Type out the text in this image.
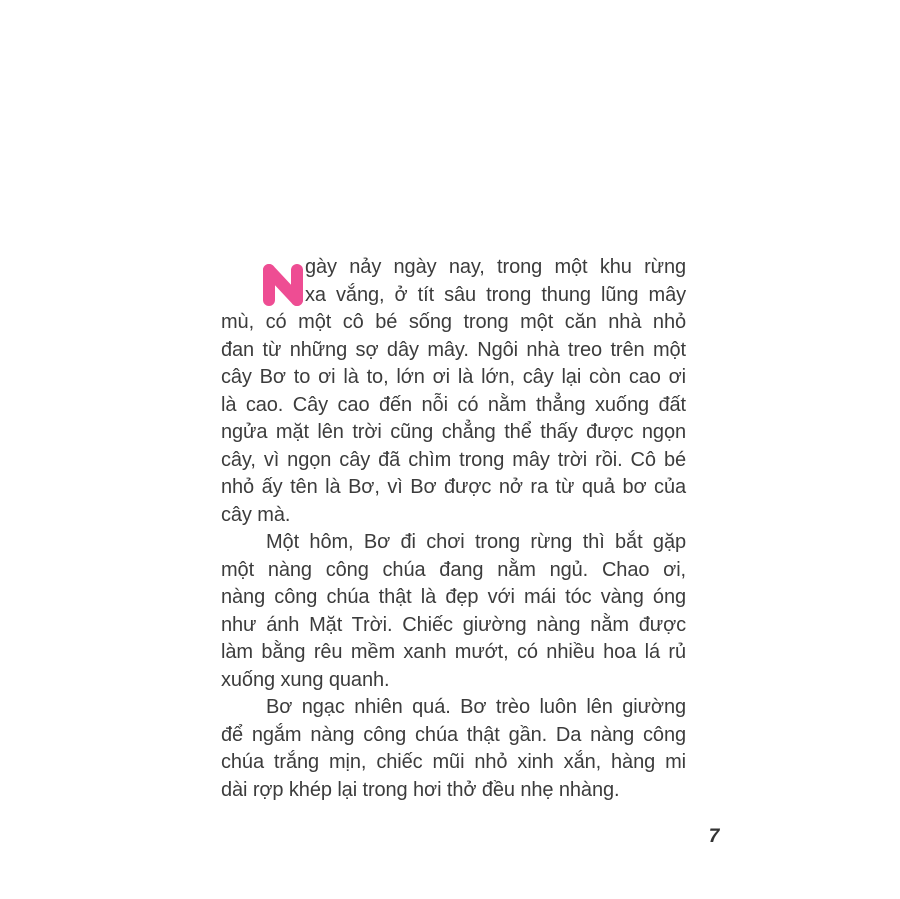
gày nảy ngày nay, trong một khu rừng
xa vắng, ở tít sâu trong thung lũng mây
mù, có một cô bé sống trong một căn nhà nhỏ
đan từ những sợ dây mây. Ngôi nhà treo trên một
cây Bơ to ơi là to, lớn ơi là lớn, cây lại còn cao ơi
là cao. Cây cao đến nỗi có nằm thẳng xuống đất
ngửa mặt lên trời cũng chẳng thể thấy được ngọn
cây, vì ngọn cây đã chìm trong mây trời rồi. Cô bé
nhỏ ấy tên là Bơ, vì Bơ được nở ra từ quả bơ của
cây mà.
Một hôm, Bơ đi chơi trong rừng thì bắt gặp
một nàng công chúa đang nằm ngủ. Chao ơi,
nàng công chúa thật là đẹp với mái tóc vàng óng
như ánh Mặt Trời. Chiếc giường nàng nằm được
làm bằng rêu mềm xanh mướt, có nhiều hoa lá rủ
xuống xung quanh.
Bơ ngạc nhiên quá. Bơ trèo luôn lên giường
để ngắm nàng công chúa thật gần. Da nàng công
chúa trắng mịn, chiếc mũi nhỏ xinh xắn, hàng mi
dài rợp khép lại trong hơi thở đều nhẹ nhàng.
7
